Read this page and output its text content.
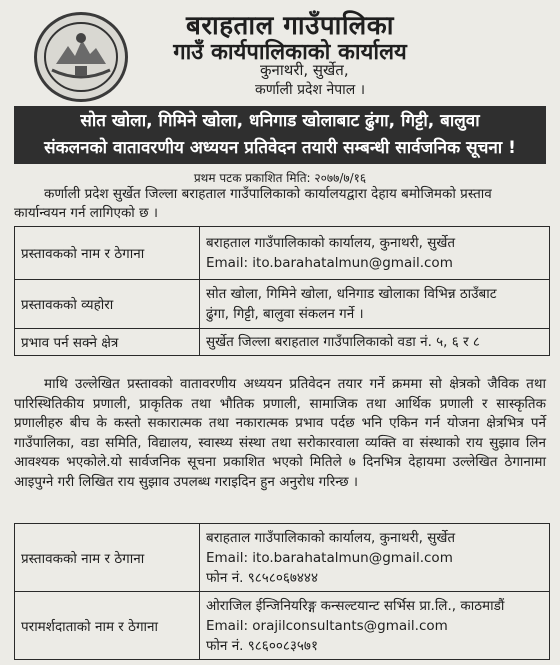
बराहताल गाउँपालिका
गाउँ कार्यपालिकाको कार्यालय
कुनाथरी, सुर्खेत,
कर्णाली प्रदेश नेपाल ।
सोत खोला, गिमिने खोला, धनिगाड खोलाबाट ढुंगा, गिट्टी, बालुवा
संकलनको वातावरणीय अध्ययन प्रतिवेदन तयारी सम्बन्धी सार्वजनिक सूचना !
प्रथम पटक प्रकाशित मिति: २०७७/७/१६
कर्णाली प्रदेश सुर्खेत जिल्ला बराहताल गाउँपालिकाको कार्यालयद्वारा देहाय बमोजिमको प्रस्ताव कार्यान्वयन गर्न लागिएको छ ।
प्रस्तावकको नाम र ठेगाना	बराहताल गाउँपालिकाको कार्यालय, कुनाथरी, सुर्खेत
Email: ito.barahatalmun@gmail.com

प्रस्तावकको व्यहोरा	सोत खोला, गिमिने खोला, धनिगाड खोलाका विभिन्न ठाउँबाट
ढुंगा, गिट्टी, बालुवा संकलन गर्ने ।

प्रभाव पर्न सक्ने क्षेत्र	सुर्खेत जिल्ला बराहताल गाउँपालिकाको वडा नं. ५, ६ र ८
माथि उल्लेखित प्रस्तावको वातावरणीय अध्ययन प्रतिवेदन तयार गर्ने क्रममा सो क्षेत्रको जैविक तथा पारिस्थितिकीय प्रणाली, प्राकृतिक तथा भौतिक प्रणाली, सामाजिक तथा आर्थिक प्रणाली र सास्कृतिक प्रणालीहरु बीच के कस्तो सकारात्मक तथा नकारात्मक प्रभाव पर्दछ भनि एकिन गर्न योजना क्षेत्रभित्र पर्ने गाउँपालिका, वडा समिति, विद्यालय, स्वास्थ्य संस्था तथा सरोकारवाला व्यक्ति वा संस्थाको राय सुझाव लिन आवश्यक भएकोले.यो सार्वजनिक सूचना प्रकाशित भएको मितिले ७ दिनभित्र देहायमा उल्लेखित ठेगानामा आइपुग्ने गरी लिखित राय सुझाव उपलब्ध गराइदिन हुन अनुरोध गरिन्छ ।
प्रस्तावकको नाम र ठेगाना	बराहताल गाउँपालिकाको कार्यालय, कुनाथरी, सुर्खेत
Email: ito.barahatalmun@gmail.com
फोन नं. ९८५८०६७४४४

परामर्शदाताको नाम र ठेगाना	ओराजिल ईन्जिनियरिङ्ग कन्सल्टयान्ट सर्भिस प्रा.लि., काठमाडौं
Email: orajilconsultants@gmail.com
फोन नं. ९८६००८३५७१
